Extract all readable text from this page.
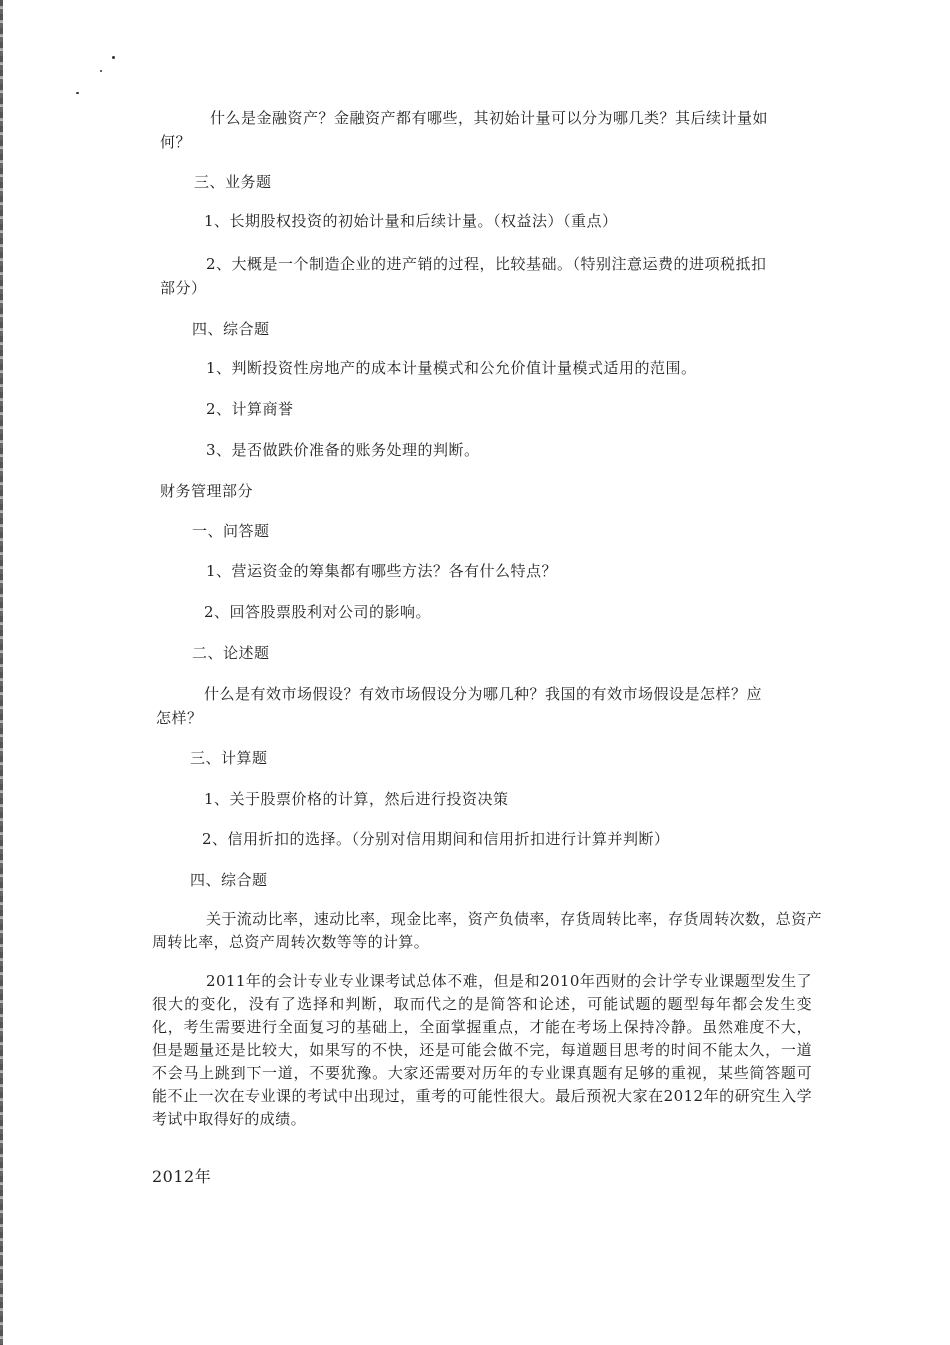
什么是金融资产？金融资产都有哪些，其初始计量可以分为哪几类？其后续计量如

何？

三、业务题

1、长期股权投资的初始计量和后续计量。（权益法）（重点）

2、大概是一个制造企业的进产销的过程，比较基础。（特别注意运费的进项税抵扣

部分）

四、综合题

1、判断投资性房地产的成本计量模式和公允价值计量模式适用的范围。

2、计算商誉

3、是否做跌价准备的账务处理的判断。

财务管理部分

一、问答题

1、营运资金的筹集都有哪些方法？各有什么特点？

2、回答股票股利对公司的影响。

二、论述题

什么是有效市场假设？有效市场假设分为哪几种？我国的有效市场假设是怎样？应

怎样？

三、计算题

1、关于股票价格的计算，然后进行投资决策

2、信用折扣的选择。（分别对信用期间和信用折扣进行计算并判断）

四、综合题

关于流动比率，速动比率，现金比率，资产负债率，存货周转比率，存货周转次数，总资产周转比率，总资产周转次数等等的计算。

2011年的会计专业专业课考试总体不难，但是和2010年西财的会计学专业课题型发生了很大的变化，没有了选择和判断，取而代之的是简答和论述，可能试题的题型每年都会发生变化，考生需要进行全面复习的基础上，全面掌握重点，才能在考场上保持冷静。虽然难度不大，但是题量还是比较大，如果写的不快，还是可能会做不完，每道题目思考的时间不能太久，一道不会马上跳到下一道，不要犹豫。大家还需要对历年的专业课真题有足够的重视，某些简答题可能不止一次在专业课的考试中出现过，重考的可能性很大。最后预祝大家在2012年的研究生入学考试中取得好的成绩。

2012年
